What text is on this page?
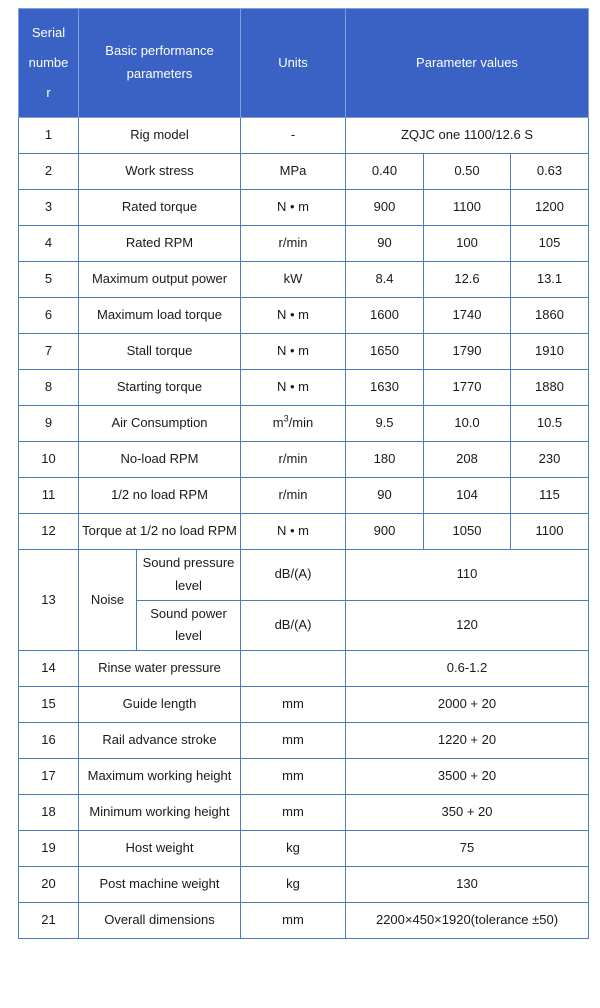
Serial numbe r	Basic performance parameters		Units	Parameter values		
1	Rig model		-	ZQJC one 1100/12.6 S		
2	Work stress		MPa	0.40	0.50	0.63
3	Rated torque		N • m	900	1100	1200
4	Rated RPM		r/min	90	100	105
5	Maximum output power		kW	8.4	12.6	13.1
6	Maximum load torque		N • m	1600	1740	1860
7	Stall torque		N • m	1650	1790	1910
8	Starting torque		N • m	1630	1770	1880
9	Air Consumption		$m^3/\min$	9.5	10.0	10.5
10	No-load RPM		r/min	180	208	230
11	1/2 no load RPM		r/min	90	104	115
12	Torque at 1/2 no load RPM		N • m	900	1050	1100
13	Noise	Sound pressure level	dB/(A)	110		
		Sound power level	dB/(A)	120		
14	Rinse water pressure			0.6-1.2		
15	Guide length		mm	2000 + 20		
16	Rail advance stroke		mm	1220 + 20		
17	Maximum working height		mm	3500 + 20		
18	Minimum working height		mm	350 + 20		
19	Host weight		kg	75		
20	Post machine weight		kg	130		
21	Overall dimensions		mm	2200×450×1920(tolerance ±50)		
